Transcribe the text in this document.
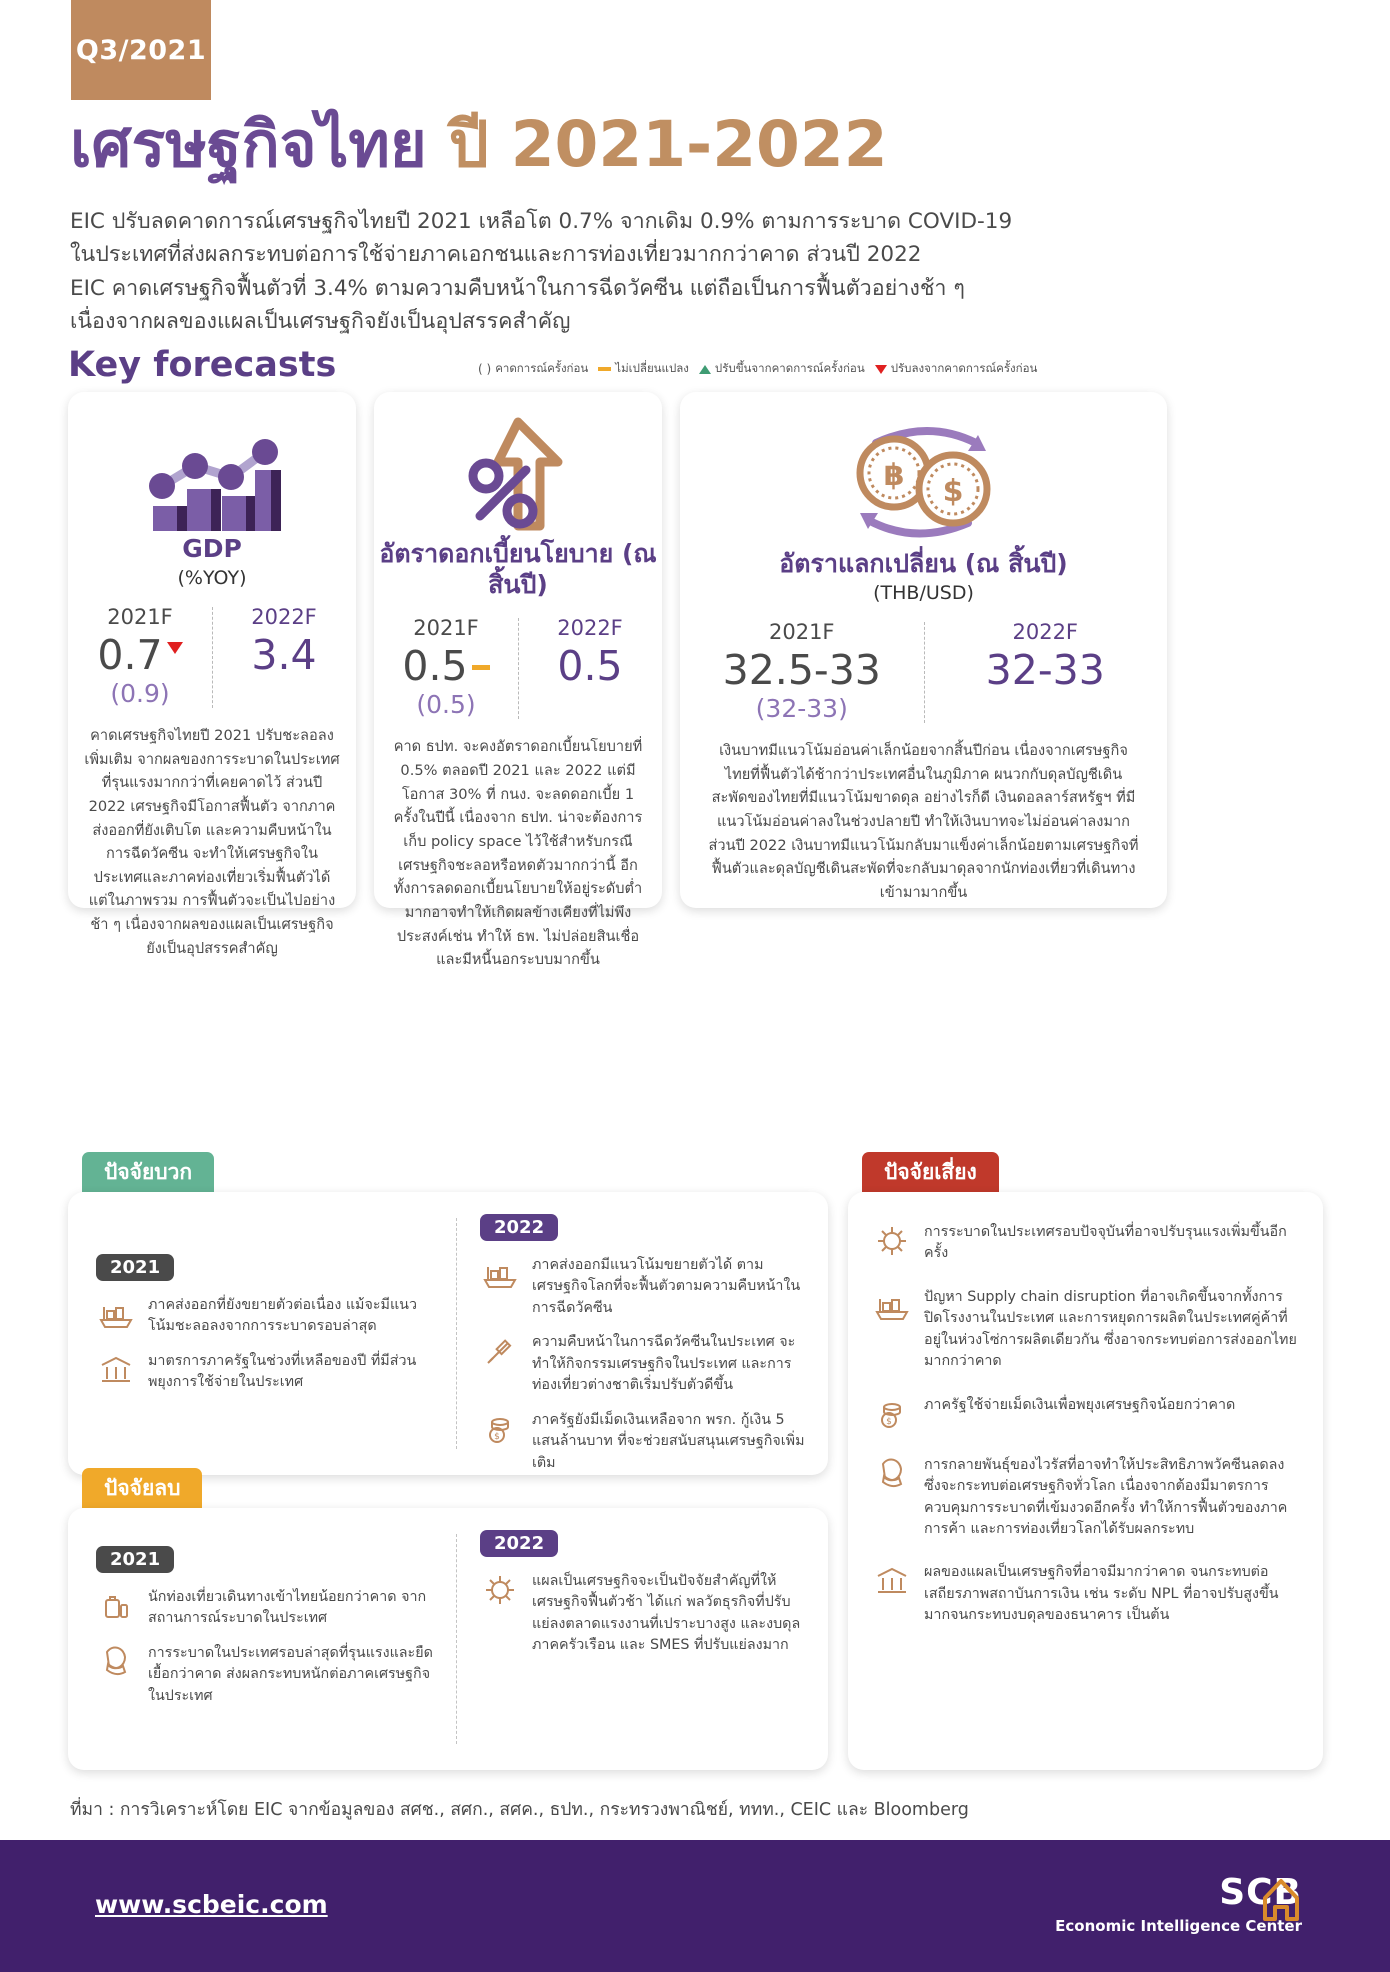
Q3/2021
เศรษฐกิจไทย ปี 2021-2022
EIC ปรับลดคาดการณ์เศรษฐกิจไทยปี 2021 เหลือโต 0.7% จากเดิม 0.9% ตามการระบาด COVID-19
ในประเทศที่ส่งผลกระทบต่อการใช้จ่ายภาคเอกชนและการท่องเที่ยวมากกว่าคาด ส่วนปี 2022
EIC คาดเศรษฐกิจฟื้นตัวที่ 3.4% ตามความคืบหน้าในการฉีดวัคซีน แต่ถือเป็นการฟื้นตัวอย่างช้า ๆ
เนื่องจากผลของแผลเป็นเศรษฐกิจยังเป็นอุปสรรคสำคัญ
Key forecasts	( ) คาดการณ์ครั้งก่อน ไม่เปลี่ยนแปลง ปรับขึ้นจากคาดการณ์ครั้งก่อน ปรับลงจากคาดการณ์ครั้งก่อน
GDP
(%YOY)
2021F
0.7
(0.9)
2022F
3.4
คาดเศรษฐกิจไทยปี 2021 ปรับชะลอลงเพิ่มเติม จากผลของการระบาดในประเทศที่รุนแรงมากกว่าที่เคยคาดไว้ ส่วนปี 2022 เศรษฐกิจมีโอกาสฟื้นตัว จากภาคส่งออกที่ยังเติบโต และความคืบหน้าในการฉีดวัคซีน จะทำให้เศรษฐกิจในประเทศและภาคท่องเที่ยวเริ่มฟื้นตัวได้ แต่ในภาพรวม การฟื้นตัวจะเป็นไปอย่างช้า ๆ เนื่องจากผลของแผลเป็นเศรษฐกิจยังเป็นอุปสรรคสำคัญ
อัตราดอกเบี้ยนโยบาย (ณ สิ้นปี)
2021F
0.5
(0.5)
2022F
0.5
คาด ธปท. จะคงอัตราดอกเบี้ยนโยบายที่ 0.5% ตลอดปี 2021 และ 2022 แต่มีโอกาส 30% ที่ กนง. จะลดดอกเบี้ย 1 ครั้งในปีนี้ เนื่องจาก ธปท. น่าจะต้องการเก็บ policy space ไว้ใช้สำหรับกรณีเศรษฐกิจชะลอหรือหดตัวมากกว่านี้ อีกทั้งการลดดอกเบี้ยนโยบายให้อยู่ระดับต่ำมากอาจทำให้เกิดผลข้างเคียงที่ไม่พึงประสงค์เช่น ทำให้ ธพ. ไม่ปล่อยสินเชื่อและมีหนี้นอกระบบมากขึ้น
฿ $
อัตราแลกเปลี่ยน (ณ สิ้นปี)
(THB/USD)
2021F
32.5-33
(32-33)
2022F
32-33
เงินบาทมีแนวโน้มอ่อนค่าเล็กน้อยจากสิ้นปีก่อน เนื่องจากเศรษฐกิจไทยที่ฟื้นตัวได้ช้ากว่าประเทศอื่นในภูมิภาค ผนวกกับดุลบัญชีเดินสะพัดของไทยที่มีแนวโน้มขาดดุล อย่างไรก็ดี เงินดอลลาร์สหรัฐฯ ที่มีแนวโน้มอ่อนค่าลงในช่วงปลายปี ทำให้เงินบาทจะไม่อ่อนค่าลงมาก ส่วนปี 2022 เงินบาทมีแนวโน้มกลับมาแข็งค่าเล็กน้อยตามเศรษฐกิจที่ฟื้นตัวและดุลบัญชีเดินสะพัดที่จะกลับมาดุลจากนักท่องเที่ยวที่เดินทางเข้ามามากขึ้น
ปัจจัยบวก
2021
ภาคส่งออกที่ยังขยายตัวต่อเนื่อง แม้จะมีแนวโน้มชะลอลงจากการระบาดรอบล่าสุด
มาตรการภาครัฐในช่วงที่เหลือของปี ที่มีส่วนพยุงการใช้จ่ายในประเทศ
2022
ภาคส่งออกมีแนวโน้มขยายตัวได้ ตามเศรษฐกิจโลกที่จะฟื้นตัวตามความคืบหน้าในการฉีดวัคซีน
ความคืบหน้าในการฉีดวัคซีนในประเทศ จะทำให้กิจกรรมเศรษฐกิจในประเทศ และการท่องเที่ยวต่างชาติเริ่มปรับตัวดีขึ้น
$
ภาครัฐยังมีเม็ดเงินเหลือจาก พรก. กู้เงิน 5 แสนล้านบาท ที่จะช่วยสนับสนุนเศรษฐกิจเพิ่มเติม
ปัจจัยลบ
2021
นักท่องเที่ยวเดินทางเข้าไทยน้อยกว่าคาด จากสถานการณ์ระบาดในประเทศ
การระบาดในประเทศรอบล่าสุดที่รุนแรงและยืดเยื้อกว่าคาด ส่งผลกระทบหนักต่อภาคเศรษฐกิจในประเทศ
2022
แผลเป็นเศรษฐกิจจะเป็นปัจจัยสำคัญที่ให้เศรษฐกิจฟื้นตัวช้า ได้แก่ พลวัตธุรกิจที่ปรับแย่ลงตลาดแรงงานที่เปราะบางสูง และงบดุลภาคครัวเรือน และ SMES ที่ปรับแย่ลงมาก
ปัจจัยเสี่ยง
การระบาดในประเทศรอบปัจจุบันที่อาจปรับรุนแรงเพิ่มขึ้นอีกครั้ง
ปัญหา Supply chain disruption ที่อาจเกิดขึ้นจากทั้งการปิดโรงงานในประเทศ และการหยุดการผลิตในประเทศคู่ค้าที่อยู่ในห่วงโซ่การผลิตเดียวกัน ซึ่งอาจกระทบต่อการส่งออกไทยมากกว่าคาด
$
ภาครัฐใช้จ่ายเม็ดเงินเพื่อพยุงเศรษฐกิจน้อยกว่าคาด
การกลายพันธุ์ของไวรัสที่อาจทำให้ประสิทธิภาพวัคซีนลดลง ซึ่งจะกระทบต่อเศรษฐกิจทั่วโลก เนื่องจากต้องมีมาตรการควบคุมการระบาดที่เข้มงวดอีกครั้ง ทำให้การฟื้นตัวของภาคการค้า และการท่องเที่ยวโลกได้รับผลกระทบ
ผลของแผลเป็นเศรษฐกิจที่อาจมีมากว่าคาด จนกระทบต่อเสถียรภาพสถาบันการเงิน เช่น ระดับ NPL ที่อาจปรับสูงขึ้นมากจนกระทบงบดุลของธนาคาร เป็นต้น
ที่มา : การวิเคราะห์โดย EIC จากข้อมูลของ สศช., สศก., สศค., ธปท., กระทรวงพาณิชย์, ททท., CEIC และ Bloomberg
www.scbeic.com	SCB
Economic Intelligence Center
